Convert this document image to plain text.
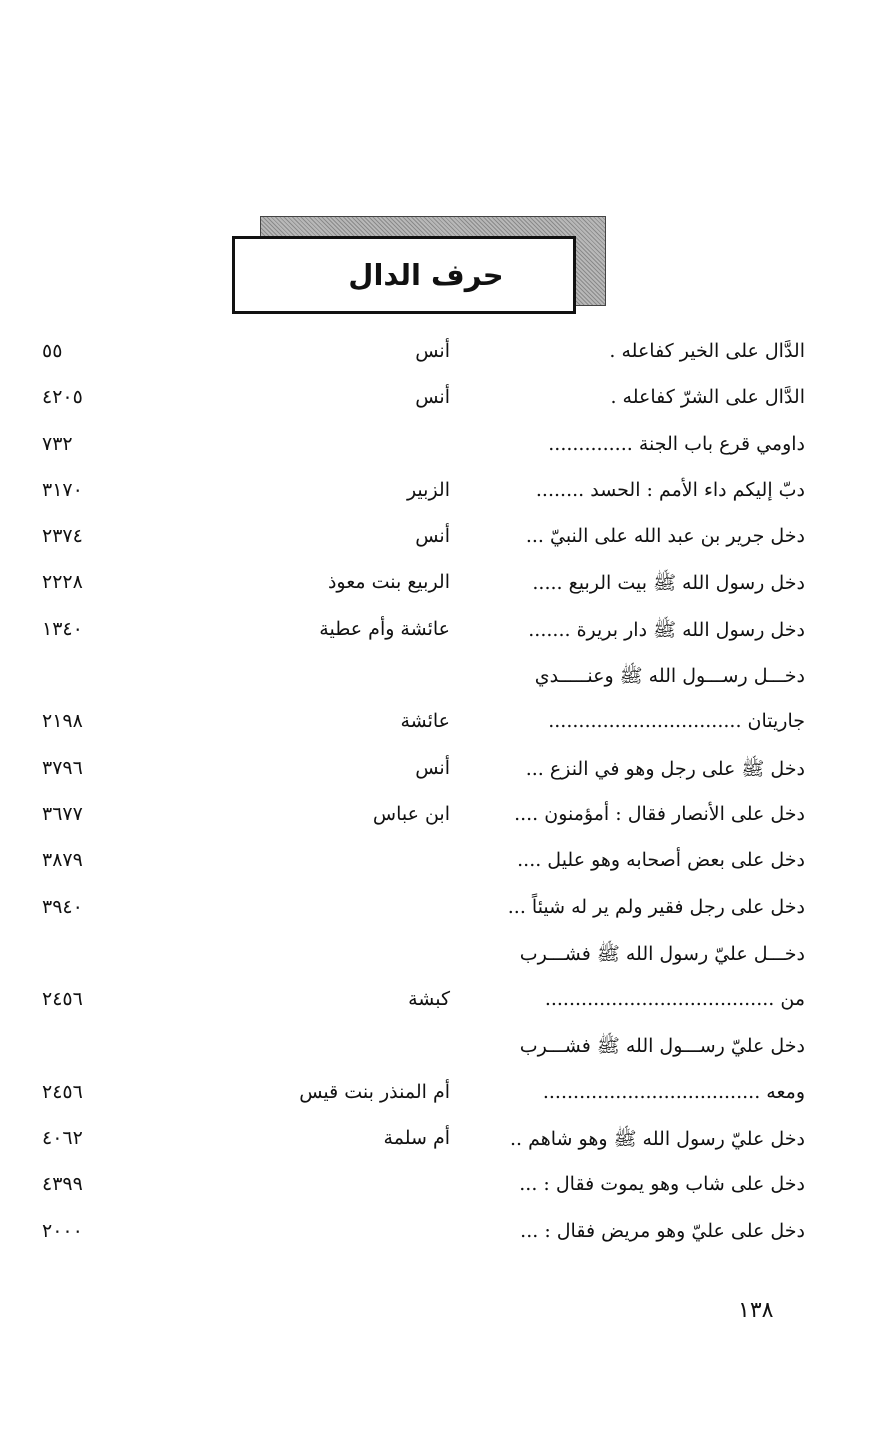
حرف الدال
الدَّال على الخير كفاعله .
أنس
٥٥
الدَّال على الشرّ كفاعله .
أنس
٤٢٠٥
داومي قرع باب الجنة ..............
٧٣٢
دبّ إليكم داء الأمم : الحسد ........
الزبير
٣١٧٠
دخل جرير بن عبد الله على النبيّ ...
أنس
٢٣٧٤
دخل رسول الله ﷺ بيت الربيع .....
الربيع بنت معوذ
٢٢٢٨
دخل رسول الله ﷺ دار بريرة .......
عائشة وأم عطية
١٣٤٠
دخـــل رســـول الله ﷺ وعنـــــدي
جاريتان ................................
عائشة
٢١٩٨
دخل ﷺ على رجل وهو في النزع ...
أنس
٣٧٩٦
دخل على الأنصار فقال : أمؤمنون ....
ابن عباس
٣٦٧٧
دخل على بعض أصحابه وهو عليل ....
٣٨٧٩
دخل على رجل فقير ولم ير له شيئاً ...
٣٩٤٠
دخـــل عليّ رسول الله ﷺ فشـــرب
من ......................................
كبشة
٢٤٥٦
دخل عليّ رســـول الله ﷺ فشـــرب
ومعه ....................................
أم المنذر بنت قيس
٢٤٥٦
دخل عليّ رسول الله ﷺ وهو شاهم ..
أم سلمة
٤٠٦٢
دخل على شاب وهو يموت فقال : ...
٤٣٩٩
دخل على عليّ وهو مريض فقال : ...
٢٠٠٠
١٣٨
